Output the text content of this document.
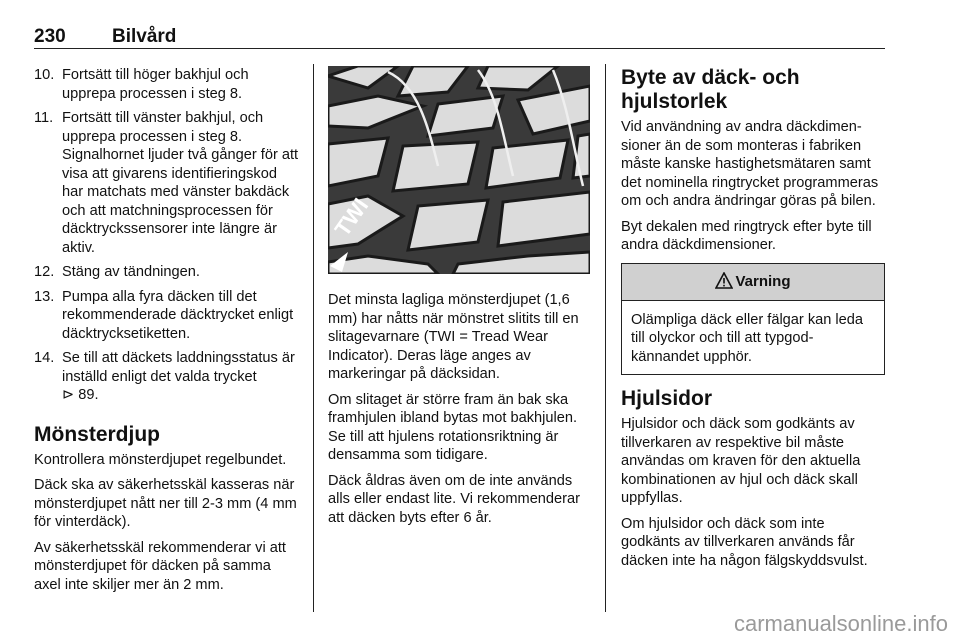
230 Bilvård
10. Fortsätt till höger bakhjul och upprepa processen i steg 8.
11. Fortsätt till vänster bakhjul, och upprepa processen i steg 8. Signalhornet ljuder två gånger för att visa att givarens identifieringskod har matchats med vänster bakdäck och att matchningsprocessen för däcktryckssensorer inte längre är aktiv.
12. Stäng av tändningen.
13. Pumpa alla fyra däcken till det rekommenderade däcktrycket enligt däcktrycksetiketten.
14. Se till att däckets laddningsstatus är inställd enligt det valda trycket
⊳ 89.
Mönsterdjup

Kontrollera mönsterdjupet regelbundet.

Däck ska av säkerhetsskäl kasseras när mönsterdjupet nått ner till 2-3 mm (4 mm för vinterdäck).

Av säkerhetsskäl rekommenderar vi att mönsterdjupet för däcken på samma axel inte skiljer mer än 2 mm.

TWI

Det minsta lagliga mönsterdjupet (1,6 mm) har nåtts när mönstret slitits till en slitagevarnare (TWI = Tread Wear Indicator). Deras läge anges av markeringar på däcksidan.

Om slitaget är större fram än bak ska framhjulen ibland bytas mot bakhjulen. Se till att hjulens rotationsriktning är densamma som tidigare.

Däck åldras även om de inte används alls eller endast lite. Vi rekommenderar att däcken byts efter 6 år.

Byte av däck- och hjulstorlek

Vid användning av andra däckdimensioner än de som monteras i fabriken måste kanske hastighetsmätaren samt det nominella ringtrycket programmeras om och andra ändringar göras på bilen.

Byt dekalen med ringtryck efter byte till andra däckdimensioner.

Varning

Olämpliga däck eller fälgar kan leda till olyckor och till att typgodkännandet upphör.

Hjulsidor

Hjulsidor och däck som godkänts av tillverkaren av respektive bil måste användas om kraven för den aktuella kombinationen av hjul och däck skall uppfyllas.

Om hjulsidor och däck som inte godkänts av tillverkaren används får däcken inte ha någon fälgskyddsvulst.

carmanualsonline.info
